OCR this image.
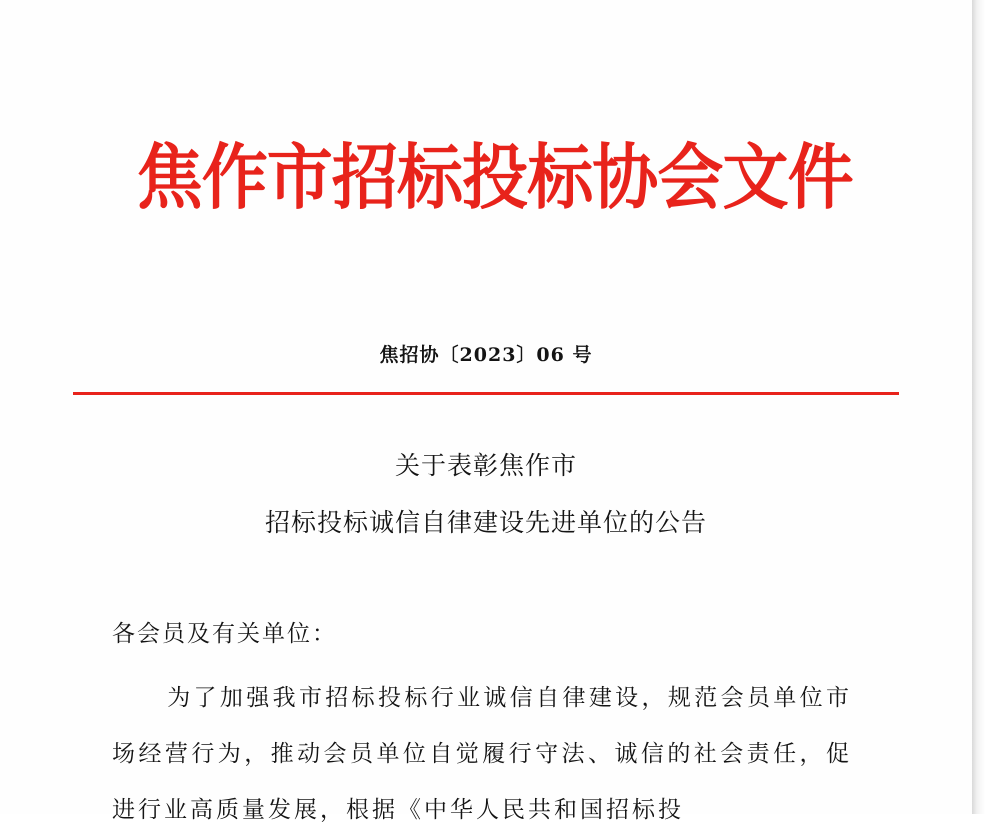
焦作市招标投标协会文件
焦招协〔2023〕06 号
关于表彰焦作市
招标投标诚信自律建设先进单位的公告
各会员及有关单位：
为了加强我市招标投标行业诚信自律建设，规范会员单位市场经营行为，推动会员单位自觉履行守法、诚信的社会责任，促进行业高质量发展，根据《中华人民共和国招标投
